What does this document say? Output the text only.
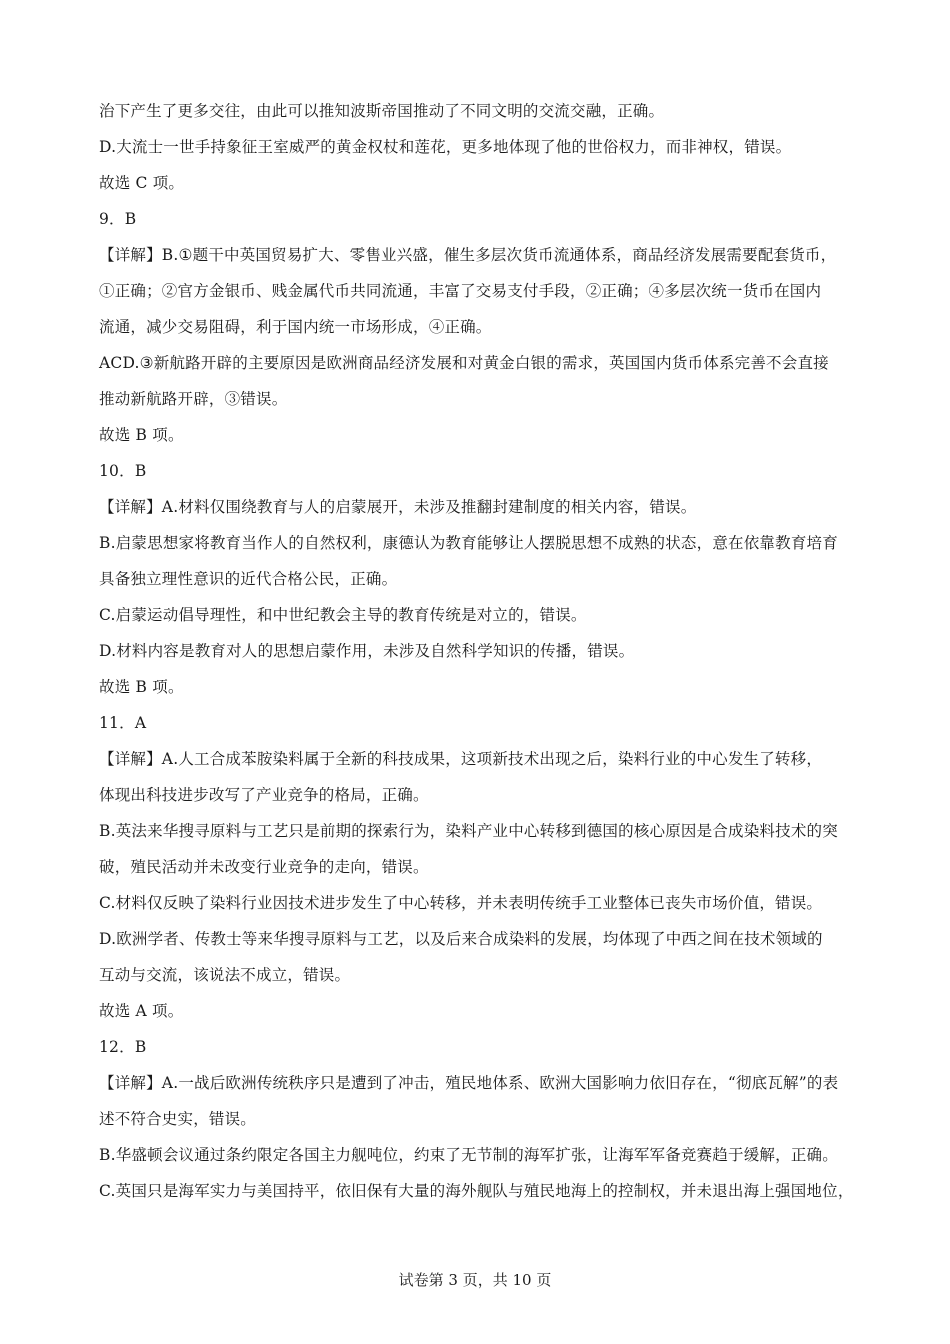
治下产生了更多交往，由此可以推知波斯帝国推动了不同文明的交流交融，正确。
D.大流士一世手持象征王室威严的黄金权杖和莲花，更多地体现了他的世俗权力，而非神权，错误。
故选 C 项。
9．B
【详解】B.①题干中英国贸易扩大、零售业兴盛，催生多层次货币流通体系，商品经济发展需要配套货币，
①正确；②官方金银币、贱金属代币共同流通，丰富了交易支付手段，②正确；④多层次统一货币在国内
流通，减少交易阻碍，利于国内统一市场形成，④正确。
ACD.③新航路开辟的主要原因是欧洲商品经济发展和对黄金白银的需求，英国国内货币体系完善不会直接
推动新航路开辟，③错误。
故选 B 项。
10．B
【详解】A.材料仅围绕教育与人的启蒙展开，未涉及推翻封建制度的相关内容，错误。
B.启蒙思想家将教育当作人的自然权利，康德认为教育能够让人摆脱思想不成熟的状态，意在依靠教育培育
具备独立理性意识的近代合格公民，正确。
C.启蒙运动倡导理性，和中世纪教会主导的教育传统是对立的，错误。
D.材料内容是教育对人的思想启蒙作用，未涉及自然科学知识的传播，错误。
故选 B 项。
11．A
【详解】A.人工合成苯胺染料属于全新的科技成果，这项新技术出现之后，染料行业的中心发生了转移，
体现出科技进步改写了产业竞争的格局，正确。
B.英法来华搜寻原料与工艺只是前期的探索行为，染料产业中心转移到德国的核心原因是合成染料技术的突
破，殖民活动并未改变行业竞争的走向，错误。
C.材料仅反映了染料行业因技术进步发生了中心转移，并未表明传统手工业整体已丧失市场价值，错误。
D.欧洲学者、传教士等来华搜寻原料与工艺，以及后来合成染料的发展，均体现了中西之间在技术领域的
互动与交流，该说法不成立，错误。
故选 A 项。
12．B
【详解】A.一战后欧洲传统秩序只是遭到了冲击，殖民地体系、欧洲大国影响力依旧存在，“彻底瓦解”的表
述不符合史实，错误。
B.华盛顿会议通过条约限定各国主力舰吨位，约束了无节制的海军扩张，让海军军备竞赛趋于缓解，正确。
C.英国只是海军实力与美国持平，依旧保有大量的海外舰队与殖民地海上的控制权，并未退出海上强国地位，
试卷第 3 页，共 10 页
